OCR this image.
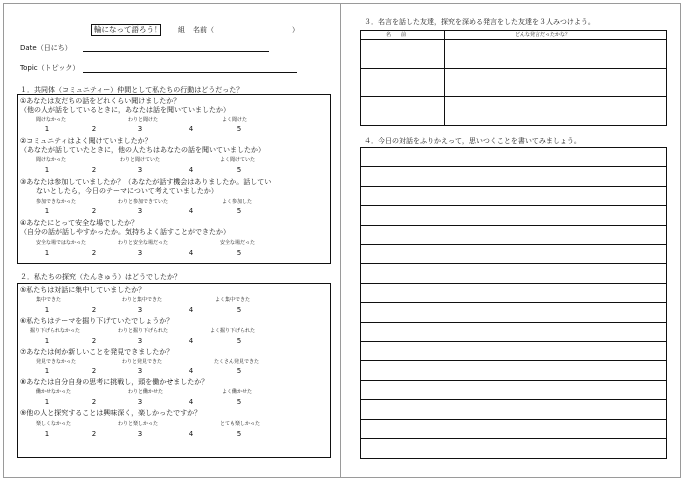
輪になって語ろう！ 組 名前（	）
Date（日にち）
Topic（トピック）
１．共同体（コミュニティー）仲間として私たちの行動はどうだった？
①あなたは友だちの話をどれくらい聞けましたか？
（他の人が話をしているときに，あなたは話を聞いていましたか）
聞けなかった	わりと聞けた	よく聞けた
1	2	3	4	5
②コミュニティはよく聞けていましたか？
（あなたが話していたときに，他の人たちはあなたの話を聞いていましたか）
聞けなかった	わりと聞けていた	よく聞けていた
1	2	3	4	5
③あなたは参加していましたか？（あなたが話す機会はありましたか。話してい
ないとしたら，今日のテーマについて考えていましたか）
参加できなかった	わりと参加できていた	よく参加した
1	2	3	4	5
④あなたにとって安全な場でしたか？
（自分の話が話しやすかったか。気持ちよく話すことができたか）
安全な場ではなかった	わりと安全な場だった	安全な場だった
1	2	3	4	5
２．私たちの探究（たんきゅう）はどうでしたか？
⑤私たちは対話に集中していましたか？
集中できた	わりと集中できた	よく集中できた
1	2	3	4	5
⑥私たちはテーマを掘り下げていたでしょうか？
掘り下げられなかった	わりと掘り下げられた	よく掘り下げられた
1	2	3	4	5
⑦あなたは何か新しいことを発見できましたか？
発見できなかった	わりと発見できた	たくさん発見できた
1	2	3	4	5
⑧あなたは自分自身の思考に挑戦し，頭を働かせましたか？
働かせなかった	わりと働かせた	よく働かせた
1	2	3	4	5
⑨他の人と探究することは興味深く，楽しかったですか？
楽しくなかった	わりと楽しかった	とても楽しかった
1	2	3	4	5
３．名言を話した友達，探究を深める発言をした友達を３人みつけよう。
名　　前	どんな発言だったかな？
４．今日の対話をふりかえって，思いつくことを書いてみましょう。
